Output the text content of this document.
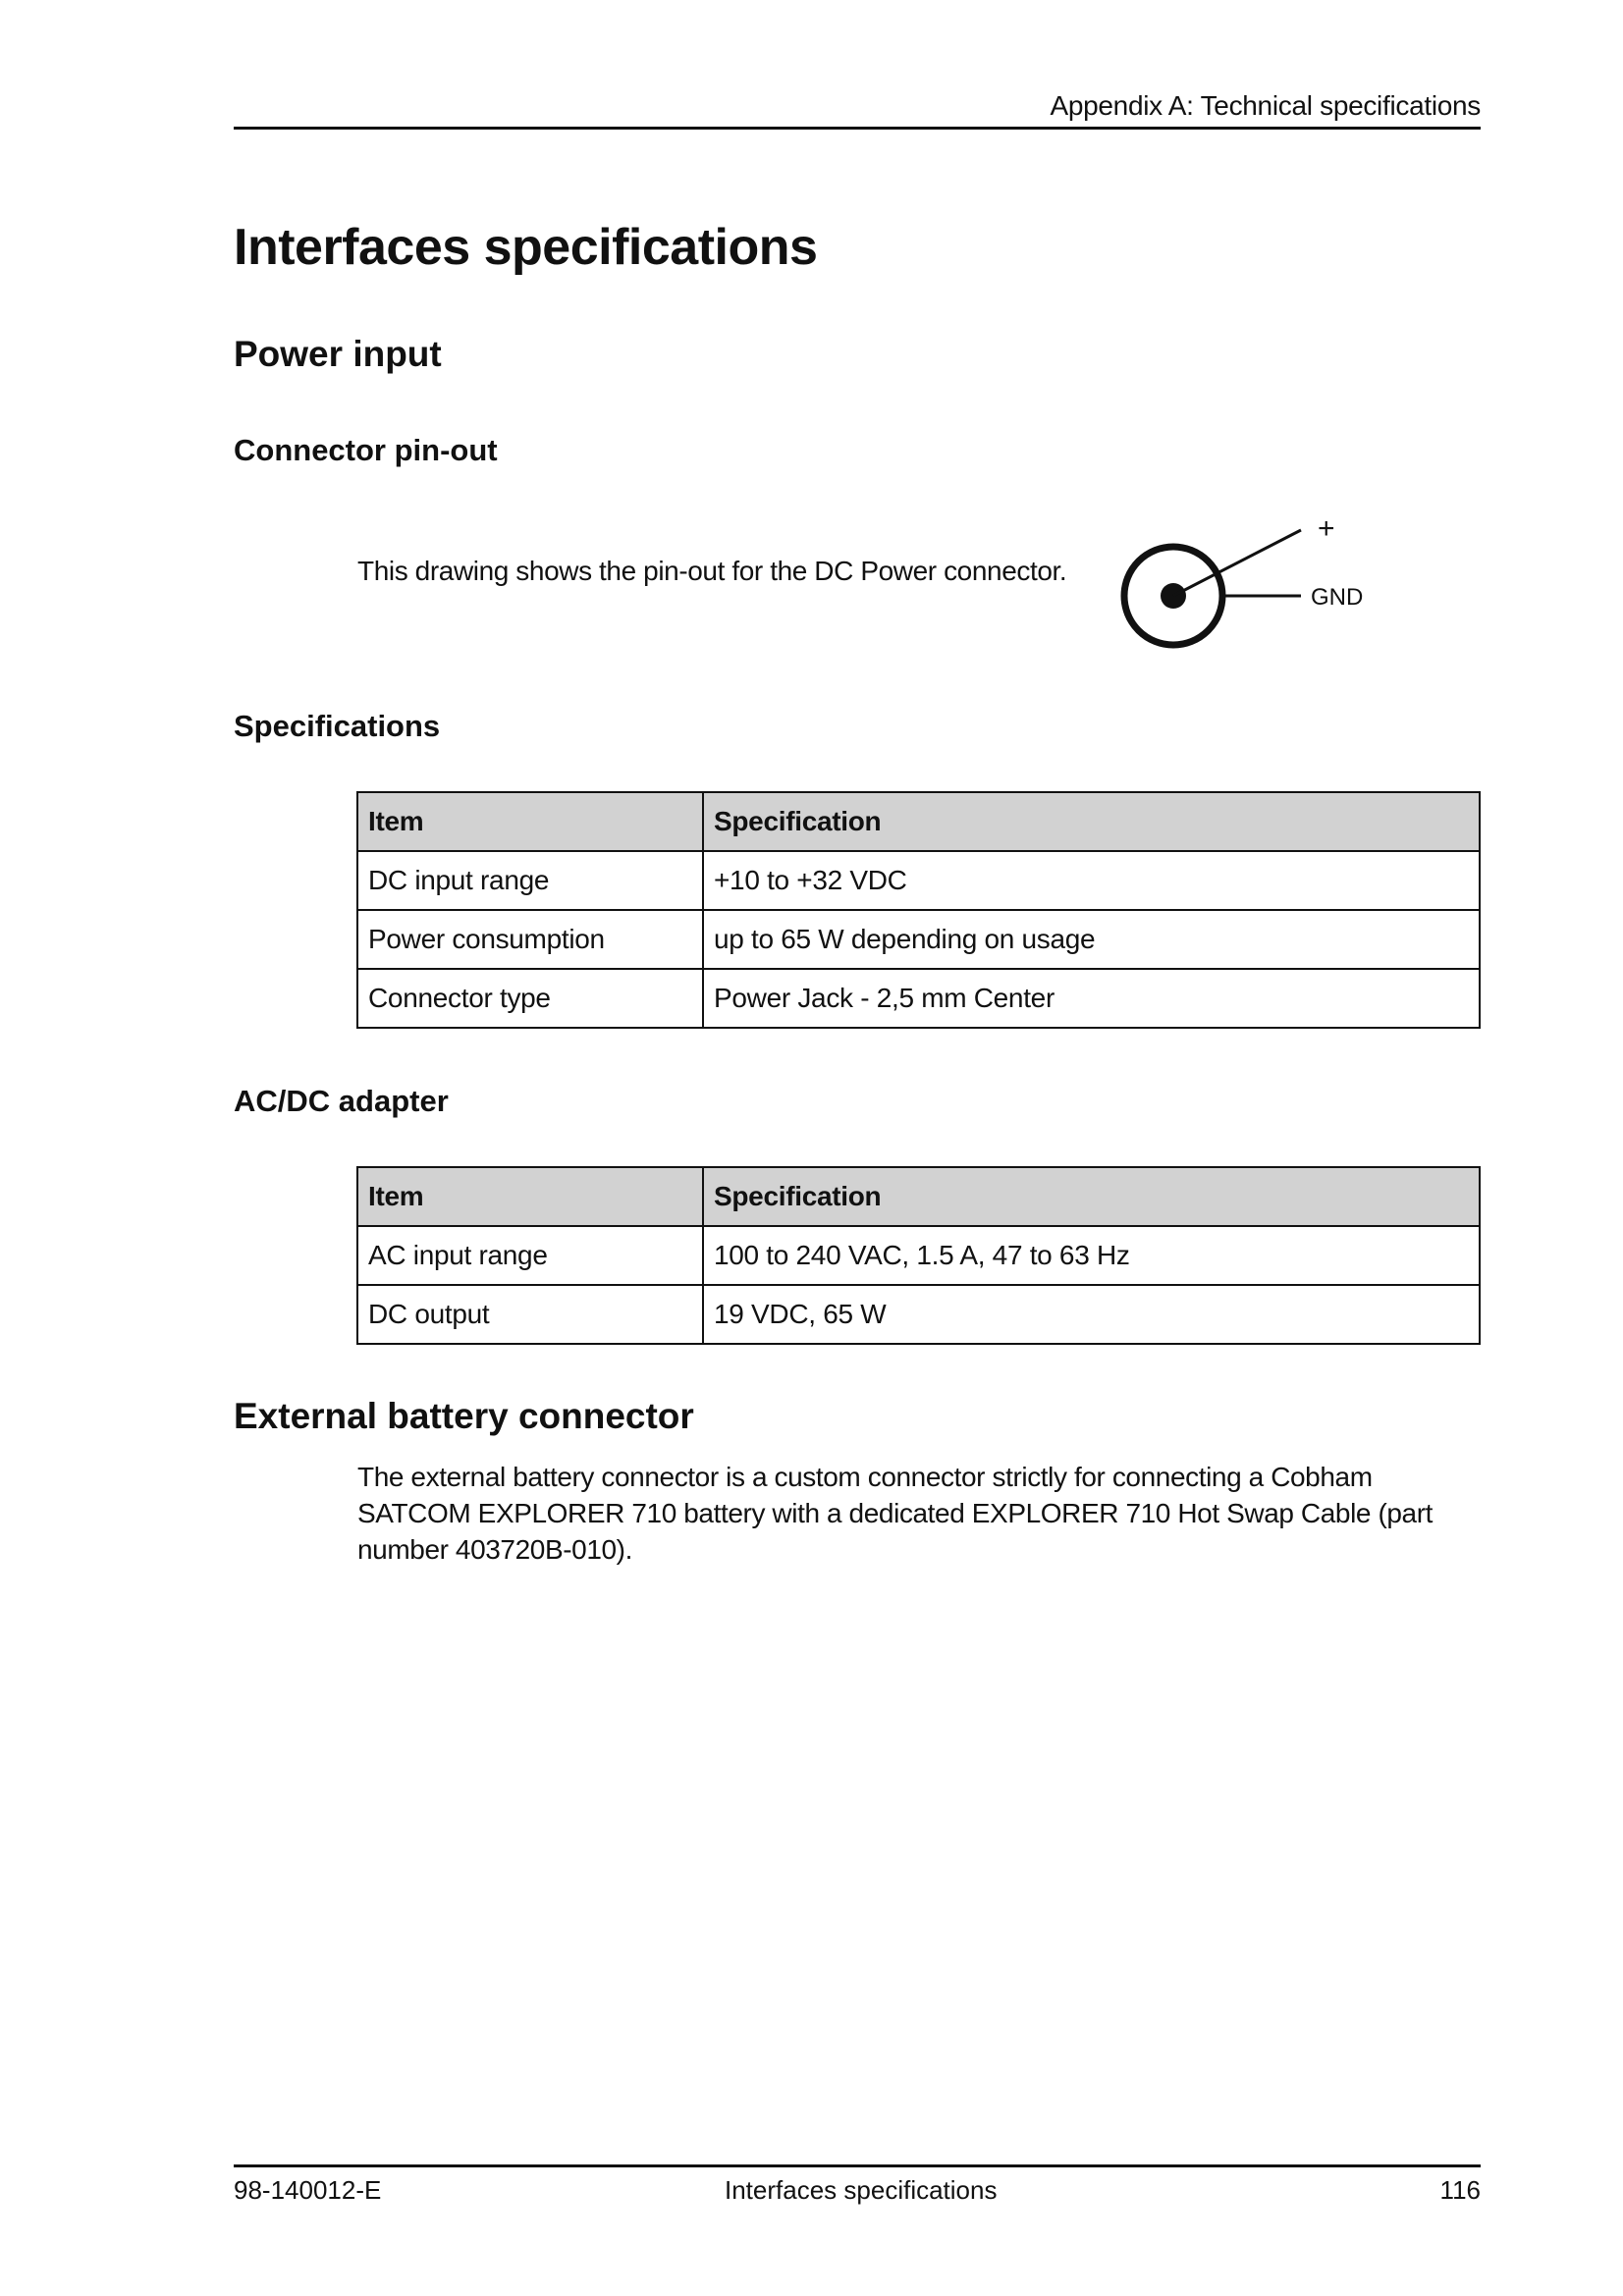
Appendix A: Technical specifications
Interfaces specifications
Power input
Connector pin-out
This drawing shows the pin-out for the DC Power connector.
+
GND
Specifications
Item	Specification
DC input range	+10 to +32 VDC
Power consumption	up to 65 W depending on usage
Connector type	Power Jack - 2,5 mm Center
AC/DC adapter
Item	Specification
AC input range	100 to 240 VAC, 1.5 A, 47 to 63 Hz
DC output	19 VDC, 65 W
External battery connector

The external battery connector is a custom connector strictly for connecting a Cobham SATCOM EXPLORER 710 battery with a dedicated EXPLORER 710 Hot Swap Cable (part number 403720B-010).

98-140012-E	Interfaces specifications	116
